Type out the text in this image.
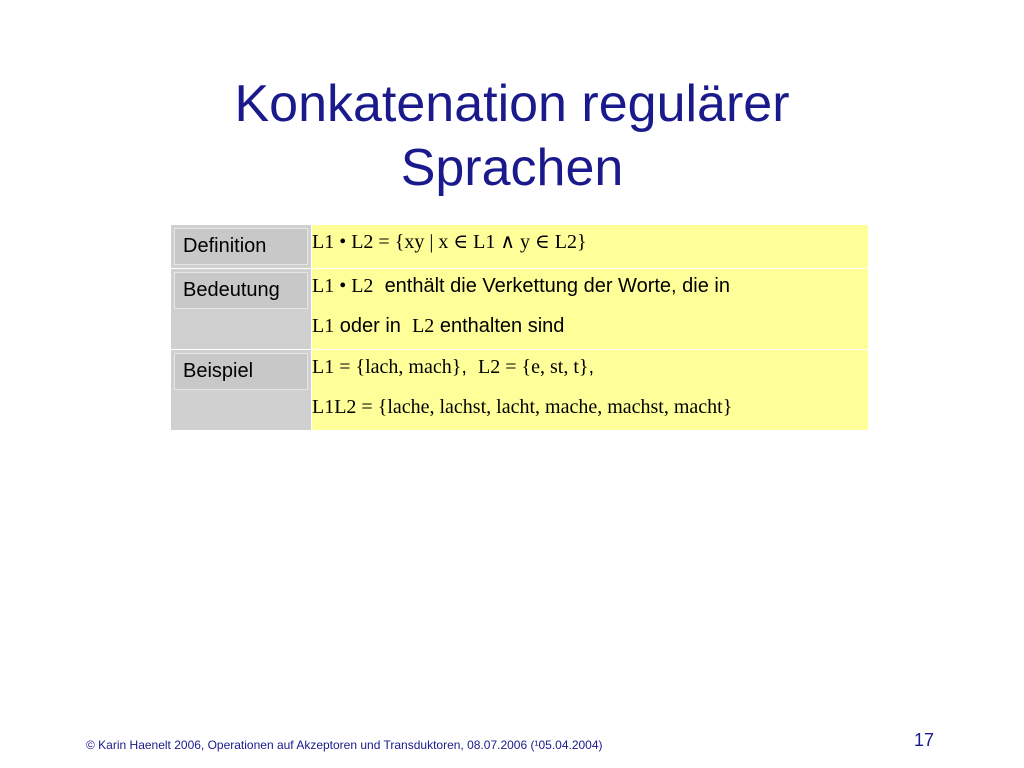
Konkatenation regulärer
Sprachen
Definition	L1 • L2 = {xy | x ∈ L1 ∧ y ∈ L2}

Bedeutung	L1 • L2 enthält die Verkettung der Worte, die in
L1 oder in L2 enthalten sind

Beispiel	L1 = {lach, mach}, L2 = {e, st, t},
L1L2 = {lache, lachst, lacht, mache, machst, macht}
© Karin Haenelt 2006, Operationen auf Akzeptoren und Transduktoren, 08.07.2006 (¹05.04.2004)	17
